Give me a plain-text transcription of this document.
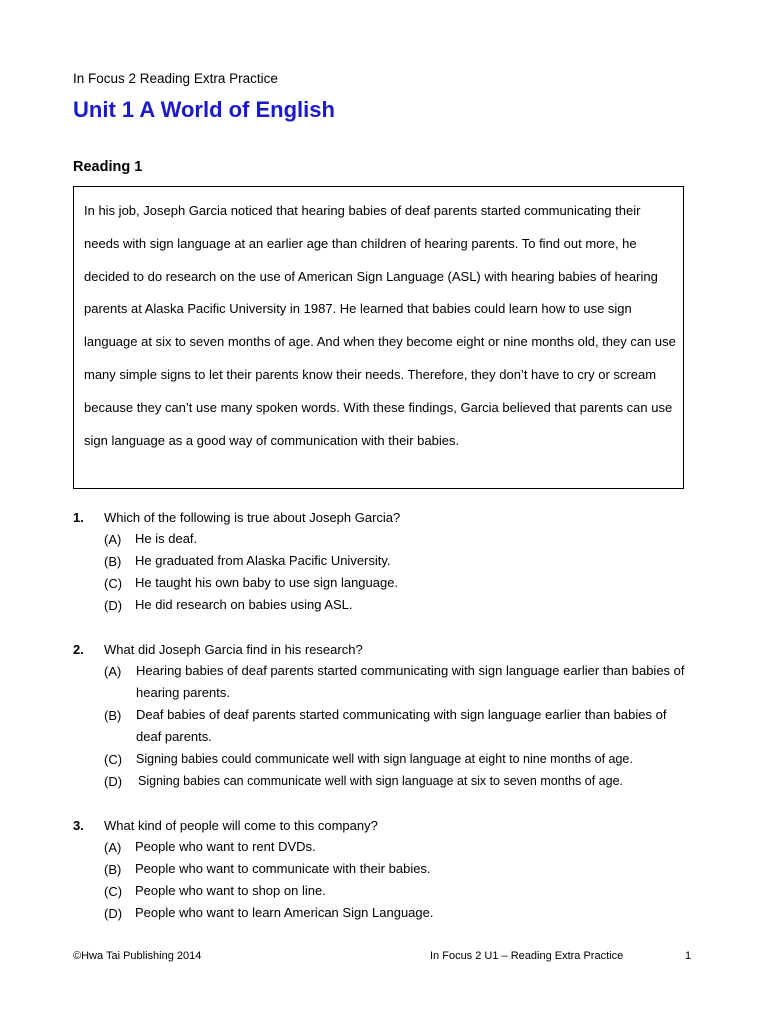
In Focus 2 Reading Extra Practice
Unit 1 A World of English
Reading 1

In his job, Joseph Garcia noticed that hearing babies of deaf parents started communicating their needs with sign language at an earlier age than children of hearing parents. To find out more, he decided to do research on the use of American Sign Language (ASL) with hearing babies of hearing parents at Alaska Pacific University in 1987. He learned that babies could learn how to use sign language at six to seven months of age. And when they become eight or nine months old, they can use many simple signs to let their parents know their needs. Therefore, they don’t have to cry or scream because they can’t use many spoken words. With these findings, Garcia believed that parents can use sign language as a good way of communication with their babies.

1. Which of the following is true about Joseph Garcia?
(A) He is deaf.
(B) He graduated from Alaska Pacific University.
(C) He taught his own baby to use sign language.
(D) He did research on babies using ASL.
2. What did Joseph Garcia find in his research?
(A) Hearing babies of deaf parents started communicating with sign language earlier than babies of hearing parents.
(B) Deaf babies of deaf parents started communicating with sign language earlier than babies of deaf parents.
(C) Signing babies could communicate well with sign language at eight to nine months of age.
(D) Signing babies can communicate well with sign language at six to seven months of age.
3. What kind of people will come to this company?
(A) People who want to rent DVDs.
(B) People who want to communicate with their babies.
(C) People who want to shop on line.
(D) People who want to learn American Sign Language.
©Hwa Tai Publishing 2014	In Focus 2 U1 – Reading Extra Practice	1
